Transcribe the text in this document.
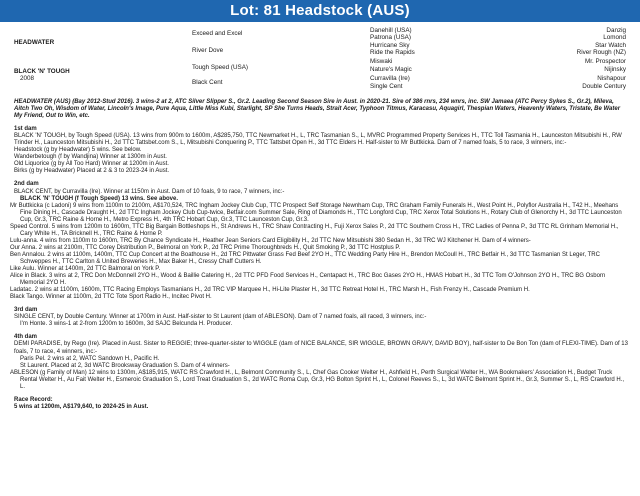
Lot: 81 Headstock (AUS)
HEADWATER
BLACK 'N' TOUGH
2008
Exceed and Excel
River Dove
Tough Speed (USA)
Black Cent
Danehill (USA)
Patrona (USA)
Hurricane Sky
Ride the Rapids
Miswaki
Nature's Magic
Curravilla (Ire)
Single Cent
Danzig
Lomond
Star Watch
River Rough (NZ)
Mr. Prospector
Nijinsky
Nishapour
Double Century

HEADWATER (AUS) (Bay 2012-Stud 2016). 3 wins-2 at 2, ATC Silver Slipper S., Gr.2. Leading Second Season Sire in Aust. in 2020-21. Sire of 386 rnrs, 234 wnrs, inc. SW Jamaea (ATC Percy Sykes S., Gr.2), Mileva, Aitch Two Oh, Wisdom of Water, Lincoln's Image, Pure Aqua, Little Miss Kubi, Starlight, SP She Turns Heads, Strait Acer, Typhoon Titmus, Karacasu, Aquagirl, Thespian Waters, Heavenly Waters, Tristate, Be Water My Friend, Out to Win, etc.

1st dam

BLACK 'N' TOUGH, by Tough Speed (USA). 13 wins from 900m to 1600m, A$285,750, TTC Newmarket H., L, TRC Tasmanian S., L, MVRC Programmed Property Services H., TTC Toll Tasmania H., Launceston Mitsubishi H., RW Trinder H., Launceston Mitsubishi H., 2d TTC Tattsbet.com S., L, Mitsubishi Conquering P., TTC Tattsbet Open H., 3d TTC Elders H. Half-sister to Mr Buttkicka. Dam of 7 named foals, 5 to race, 3 winners, inc:-

Headstock (g by Headwater) 5 wins. See below.

Wanderbetough (f by Wandjina) Winner at 1300m in Aust.

Old Liquorice (g by All Too Hard) Winner at 1200m in Aust.

Birks (g by Headwater) Placed at 2 & 3 to 2023-24 in Aust.

2nd dam

BLACK CENT, by Curravilla (Ire). Winner at 1150m in Aust. Dam of 10 foals, 9 to race, 7 winners, inc:-

BLACK 'N' TOUGH (f Tough Speed) 13 wins. See above.

Mr Buttkicka (c Ladoni) 9 wins from 1100m to 2100m, A$170,524, TRC Ingham Jockey Club Cup, TTC Prospect Self Storage Newnham Cup, TRC Graham Family Funerals H., West Point H., Polyflor Australia H., T42 H., Meehans Fine Dining H., Cascade Draught H., 2d TTC Ingham Jockey Club Cup-twice, Betfair.com Summer Sale, Ring of Diamonds H., TTC Longford Cup, TRC Xerox Total Solutions H., Rotary Club of Glenorchy H., 3d TTC Launceston Cup, Gr.3, TRC Raine & Horne H., Metro Express H., 4th TRC Hobart Cup, Gr.3, TTC Launceston Cup, Gr.3.

Speed Control. 5 wins from 1200m to 1600m, TTC Big Bargain Bottleshops H., St Andrews H., TRC Shaw Contracting H., Fuji Xerox Sales P., 2d TTC Southern Cross H., TRC Ladies of Penna P., 3d TTC RL Grinham Memorial H., Cary White H., TA Bricknell H., TRC Raine & Horne P.

Lulu-anna. 4 wins from 1100m to 1600m, TRC By Chance Syndicate H., Heather Jean Seniors Card Eligibility H., 2d TTC New Mitsubishi 380 Sedan H., 3d TRC WJ Kitchener H. Dam of 4 winners-

Our Anna. 2 wins at 2100m, TTC Corey Distribution P., Belmoral on York P., 2d TRC Prime Thoroughbreds H., Quit Smoking P., 3d TTC Hostplus P.

Ben Annalou. 2 wins at 1100m, 1400m, TTC Cup Concert at the Boathouse H., 2d TRC Pittwater Grass Fed Beef 2YO H., TTC Wedding Party Hire H., Brendon McCoull H., TRC Betfair H., 3d TTC Tasmanian St Leger, TRC Schweppes H., TTC Carlton & United Breweries H., Max Baker H., Cressy Chaff Cutters H.

Like Aulu. Winner at 1400m, 2d TTC Balmoral on York P.

Alice in Black. 3 wins at 2, TRC Don McDonnell 2YO H., Wood & Baillie Catering H., 2d TTC PFD Food Services H., Centapact H., TRC Boc Gases 2YO H., HMAS Hobart H., 3d TTC Tom O'Johnson 2YO H., TRC BG Osborn Memorial 2YO H.

Ladatac. 2 wins at 1100m, 1600m, TTC Racing Employs Tasmanians H., 2d TRC VIP Marquee H., Hi-Lite Plaster H., 3d TTC Retreat Hotel H., TRC Marsh H., Fish Frenzy H., Cascade Premium H.

Black Tango. Winner at 1100m, 2d TTC Tote Sport Radio H., Incitec Pivot H.

3rd dam

SINGLE CENT, by Double Century. Winner at 1700m in Aust. Half-sister to St Laurent (dam of ABLESON). Dam of 7 named foals, all raced, 3 winners, inc:-

I'm Honte. 3 wins-1 at 2-from 1200m to 1600m, 3d SAJC Belcunda H. Producer.

4th dam

DEMI PARADISE, by Rego (Ire). Placed in Aust. Sister to REGGIE; three-quarter-sister to WIGGLE (dam of NICE BALANCE, SIR WIGGLE, BROWN GRAVY, DAVID BOY), half-sister to De Bon Ton (dam of FLEXI-TIME). Dam of 13 foals, 7 to race, 4 winners, inc:-

Paris Pel. 2 wins at 2, WATC Sandown H., Pacific H.

St Laurent. Placed at 2, 3d WATC Brooksway Graduation S. Dam of 4 winners-

ABLESON (g Family of Man) 12 wins to 1300m, A$185,915, WATC RS Crawford H., L, Belmont Community S., L, Chef Gas Cooker Welter H., Ashfield H., Perth Surgical Welter H., WA Bookmakers' Association H., Budget Truck Rental Welter H., Au Fait Welter H., Esmeroic Graduation S., Lord Treat Graduation S., 2d WATC Roma Cup, Gr.3, HG Bolton Sprint H., L, Colonel Reeves S., L, 3d WATC Belmont Sprint H., Gr.3, Summer S., L, RS Crawford H., L.

Race Record:

5 wins at 1200m, A$179,640, to 2024-25 in Aust.
